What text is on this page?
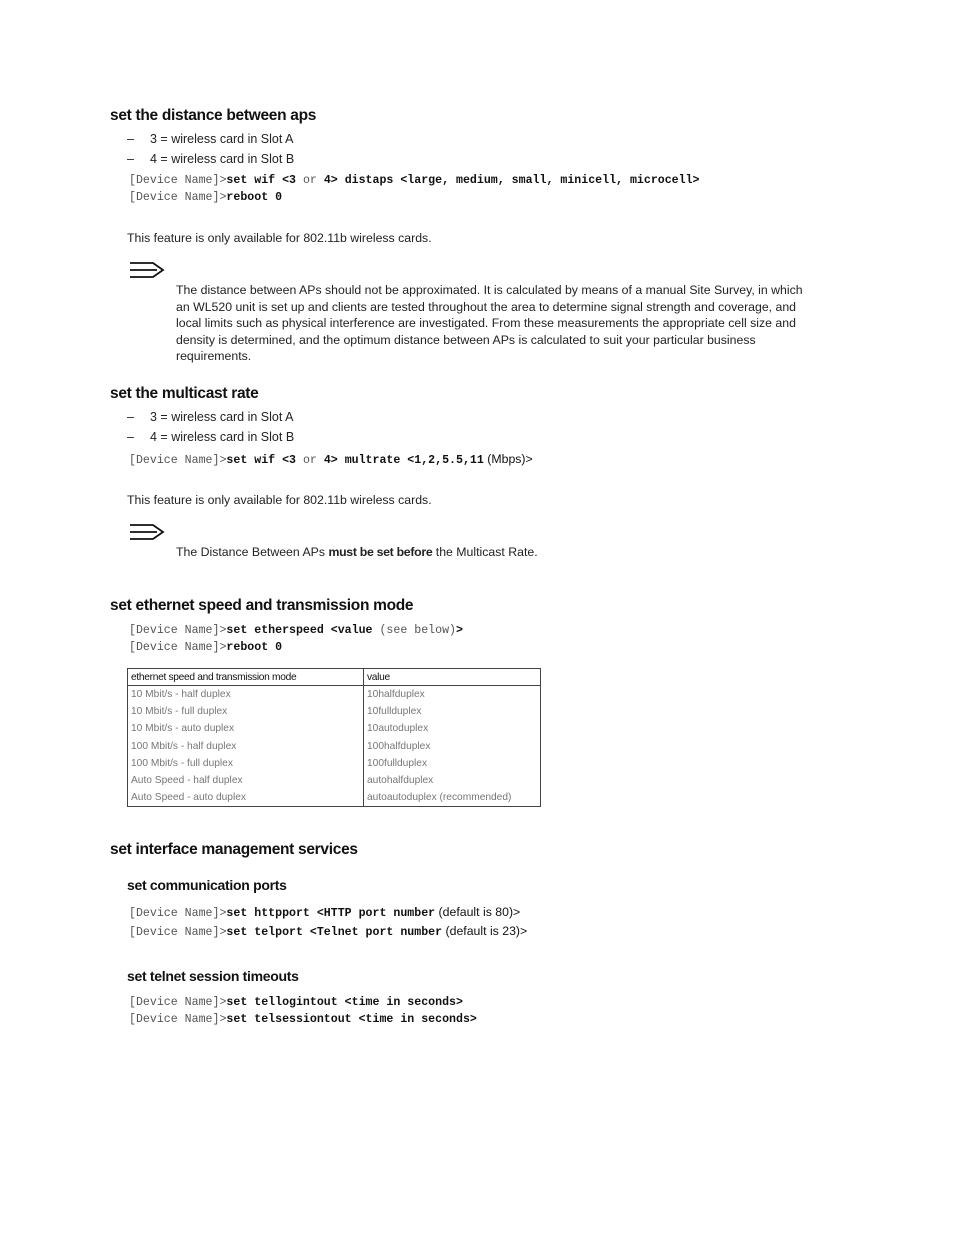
set the distance between aps
– 3 = wireless card in Slot A
– 4 = wireless card in Slot B
[Device Name]>set wif <3 or 4> distaps <large, medium, small, minicell, microcell>
[Device Name]>reboot 0
This feature is only available for 802.11b wireless cards.
The distance between APs should not be approximated. It is calculated by means of a manual Site Survey, in which an WL520 unit is set up and clients are tested throughout the area to determine signal strength and coverage, and local limits such as physical interference are investigated. From these measurements the appropriate cell size and density is determined, and the optimum distance between APs is calculated to suit your particular business requirements.
set the multicast rate
– 3 = wireless card in Slot A
– 4 = wireless card in Slot B
[Device Name]>set wif <3 or 4> multrate <1,2,5.5,11 (Mbps)>
This feature is only available for 802.11b wireless cards.
The Distance Between APs must be set before the Multicast Rate.
set ethernet speed and transmission mode
[Device Name]>set etherspeed <value (see below)>
[Device Name]>reboot 0
ethernet speed and transmission mode	value
10 Mbit/s - half duplex	10halfduplex
10 Mbit/s - full duplex	10fullduplex
10 Mbit/s - auto duplex	10autoduplex
100 Mbit/s - half duplex	100halfduplex
100 Mbit/s - full duplex	100fullduplex
Auto Speed - half duplex	autohalfduplex
Auto Speed - auto duplex	autoautoduplex (recommended)
set interface management services
set communication ports
[Device Name]>set httpport <HTTP port number (default is 80)>
[Device Name]>set telport <Telnet port number (default is 23)>
set telnet session timeouts
[Device Name]>set tellogintout <time in seconds>
[Device Name]>set telsessiontout <time in seconds>
